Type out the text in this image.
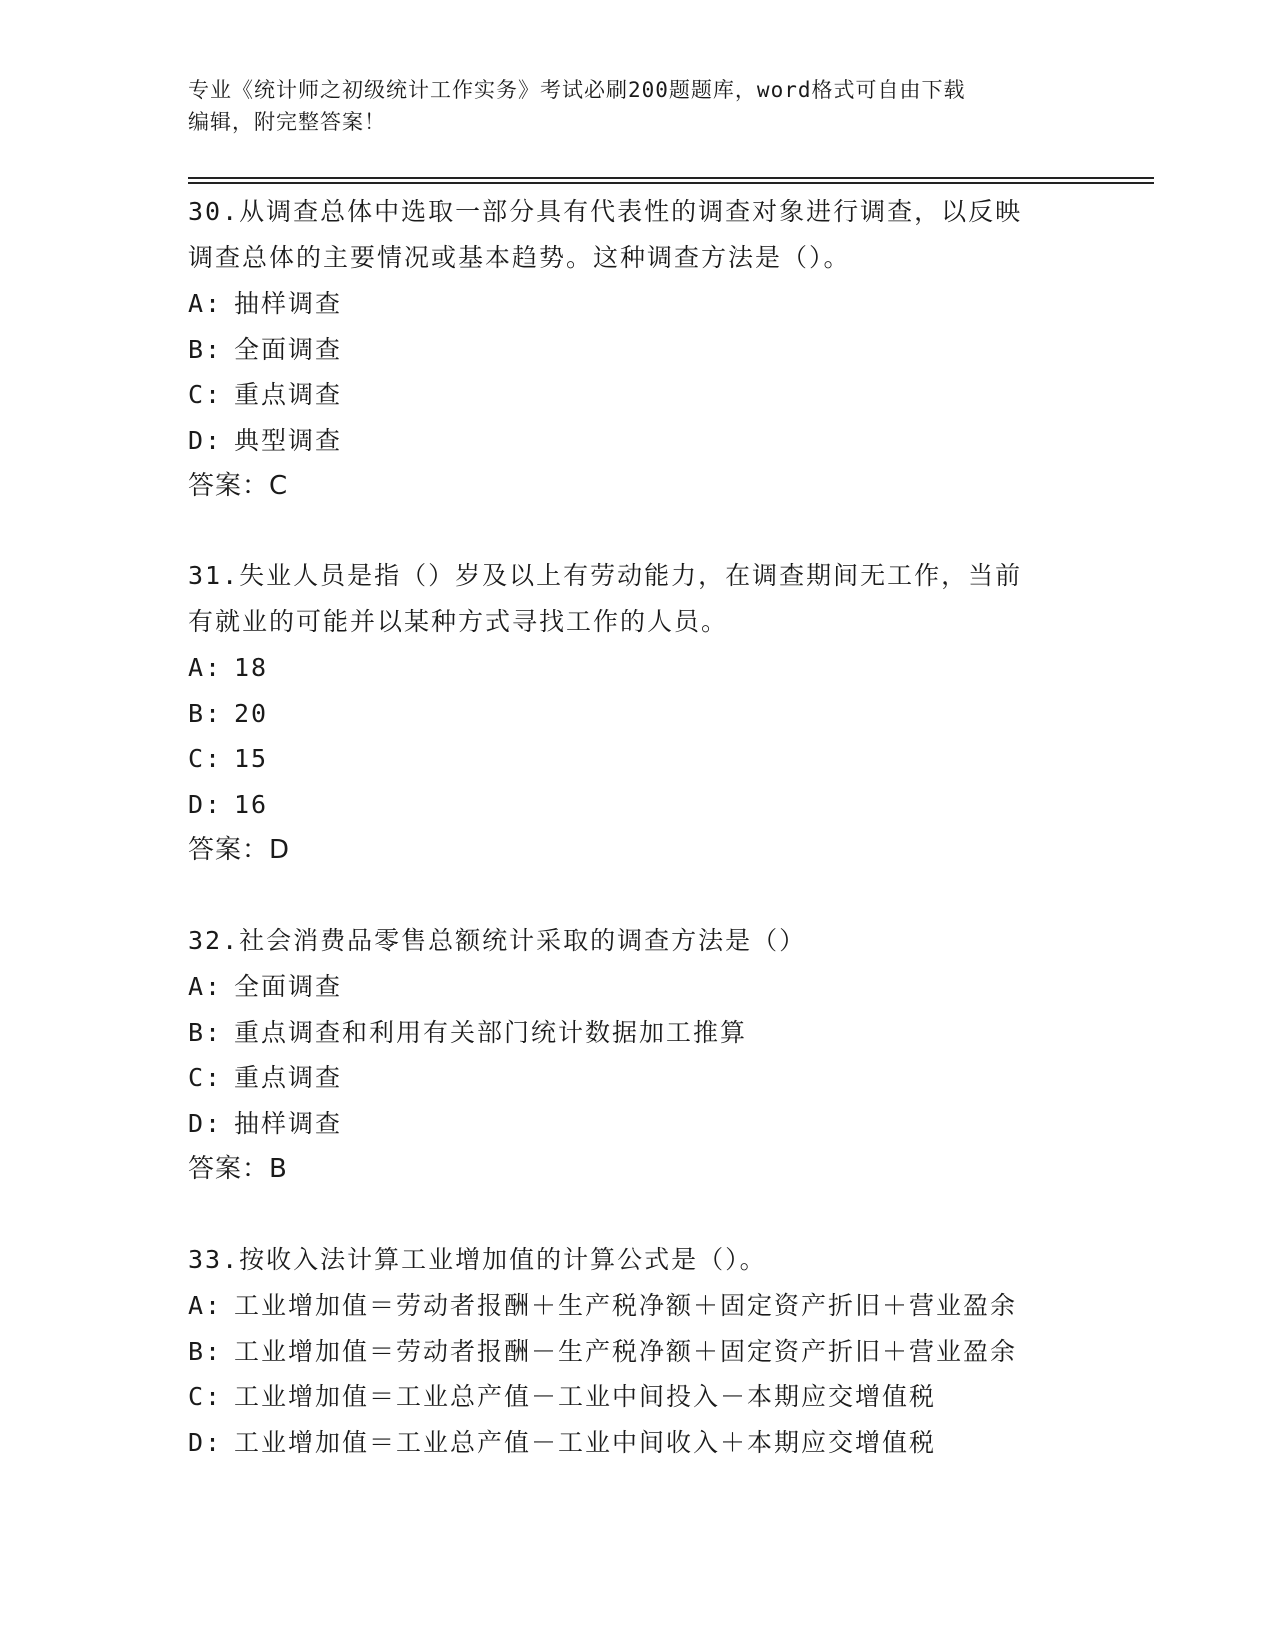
专业《统计师之初级统计工作实务》考试必刷200题题库，word格式可自由下载
编辑，附完整答案！
30.从调查总体中选取一部分具有代表性的调查对象进行调查，以反映
调查总体的主要情况或基本趋势。这种调查方法是（）。
A: 抽样调查
B: 全面调查
C: 重点调查
D: 典型调查
答案：C
31.失业人员是指（）岁及以上有劳动能力，在调查期间无工作，当前
有就业的可能并以某种方式寻找工作的人员。
A: 18
B: 20
C: 15
D: 16
答案：D
32.社会消费品零售总额统计采取的调查方法是（）
A: 全面调查
B: 重点调查和利用有关部门统计数据加工推算
C: 重点调查
D: 抽样调查
答案：B
33.按收入法计算工业增加值的计算公式是（）。
A: 工业增加值＝劳动者报酬＋生产税净额＋固定资产折旧＋营业盈余
B: 工业增加值＝劳动者报酬－生产税净额＋固定资产折旧＋营业盈余
C: 工业增加值＝工业总产值－工业中间投入－本期应交增值税
D: 工业增加值＝工业总产值－工业中间收入＋本期应交增值税
